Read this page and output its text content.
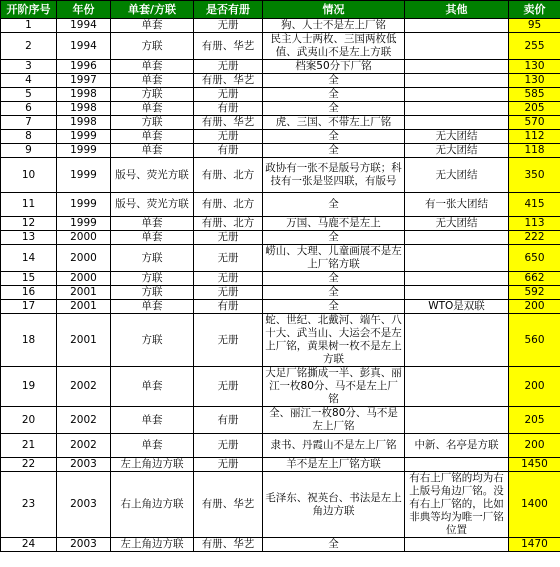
开阶序号	年份	单套/方联	是否有册	情况	其他	卖价
1	1994	单套	无册	狗、人士不是左上厂铭		95
2	1994	方联	有册、华艺	民主人士两枚、三国两枚低值、武夷山不是左上方联		255
3	1996	单套	无册	档案50分下厂铭		130
4	1997	单套	有册、华艺	全		130
5	1998	方联	无册	全		585
6	1998	单套	有册	全		205
7	1998	方联	有册、华艺	虎、三国、不带左上厂铭		570
8	1999	单套	无册	全	无大团结	112
9	1999	单套	有册	全	无大团结	118
10	1999	版号、荧光方联	有册、北方	政协有一张不是版号方联；科技有一张是竖四联，有版号	无大团结	350
11	1999	版号、荧光方联	有册、北方	全	有一张大团结	415
12	1999	单套	有册、北方	万国、马鹿不是左上	无大团结	113
13	2000	单套	无册	全		222
14	2000	方联	无册	崂山、大理、儿童画展不是左上厂铭方联		650
15	2000	方联	无册	全		662
16	2001	方联	无册	全		592
17	2001	单套	有册	全	WTO是双联	200
18	2001	方联	无册	蛇、世纪、北戴河、端午、八十大、武当山、大运会不是左上厂铭，黄果树一枚不是左上方联		560
19	2002	单套	无册	大足厂铭撕成一半、彭真、丽江一枚80分、马不是左上厂铭		200
20	2002	单套	有册	全、丽江一枚80分、马不是左上厂铭		205
21	2002	单套	无册	隶书、丹霞山不是左上厂铭	中新、名亭是方联	200
22	2003	左上角边方联	无册	羊不是左上厂铭方联		1450
23	2003	右上角边方联	有册、华艺	毛泽东、祝英台、书法是左上角边方联	有右上厂铭的均为右上版号角边厂铭。没有右上厂铭的，比如非典等均为唯一厂铭位置	1400
24	2003	左上角边方联	有册、华艺	全		1470
